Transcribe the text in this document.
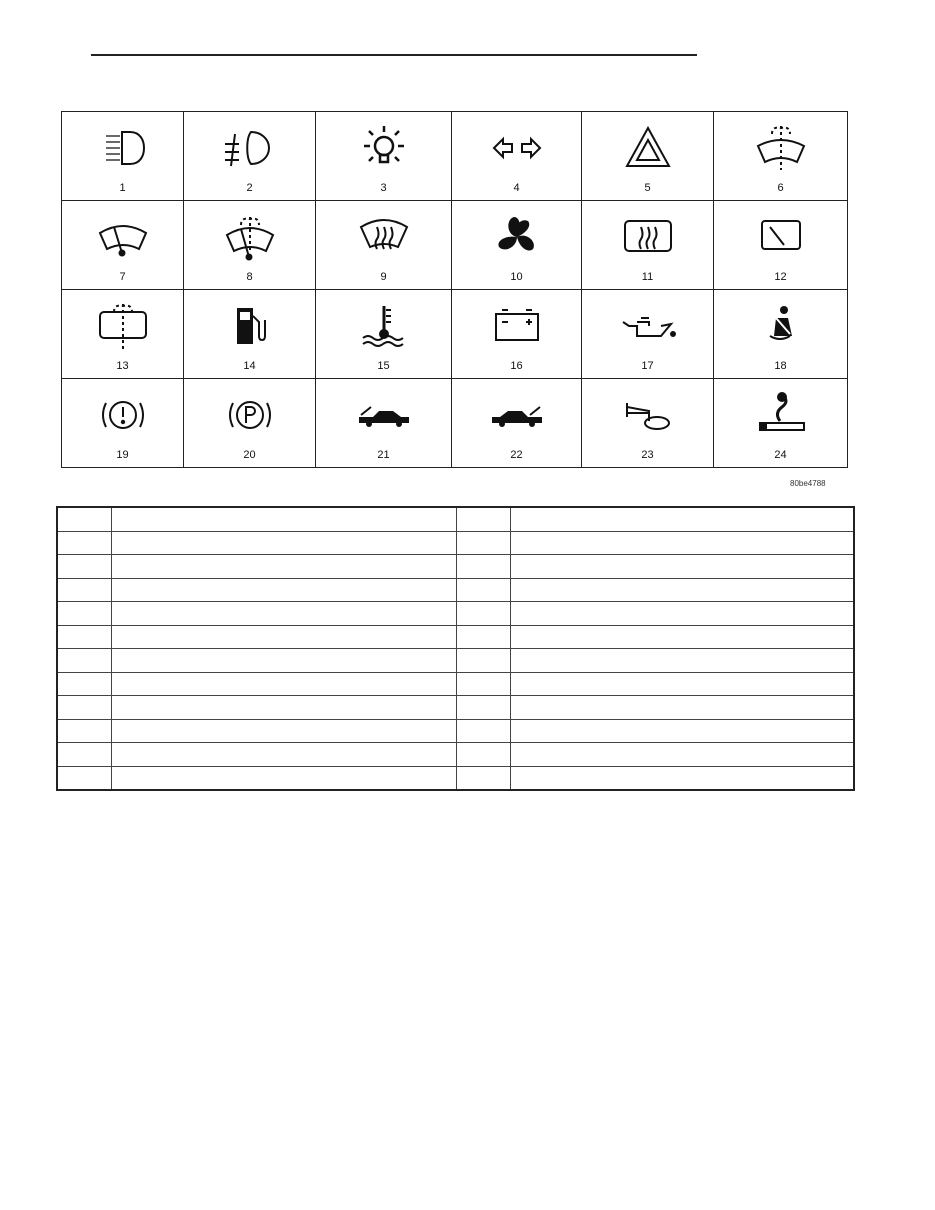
1	2	3	4	5	6

7	8	9	10	11	12

13	14	15	16	17	18

19	20	21	22	23	24
80be4788
